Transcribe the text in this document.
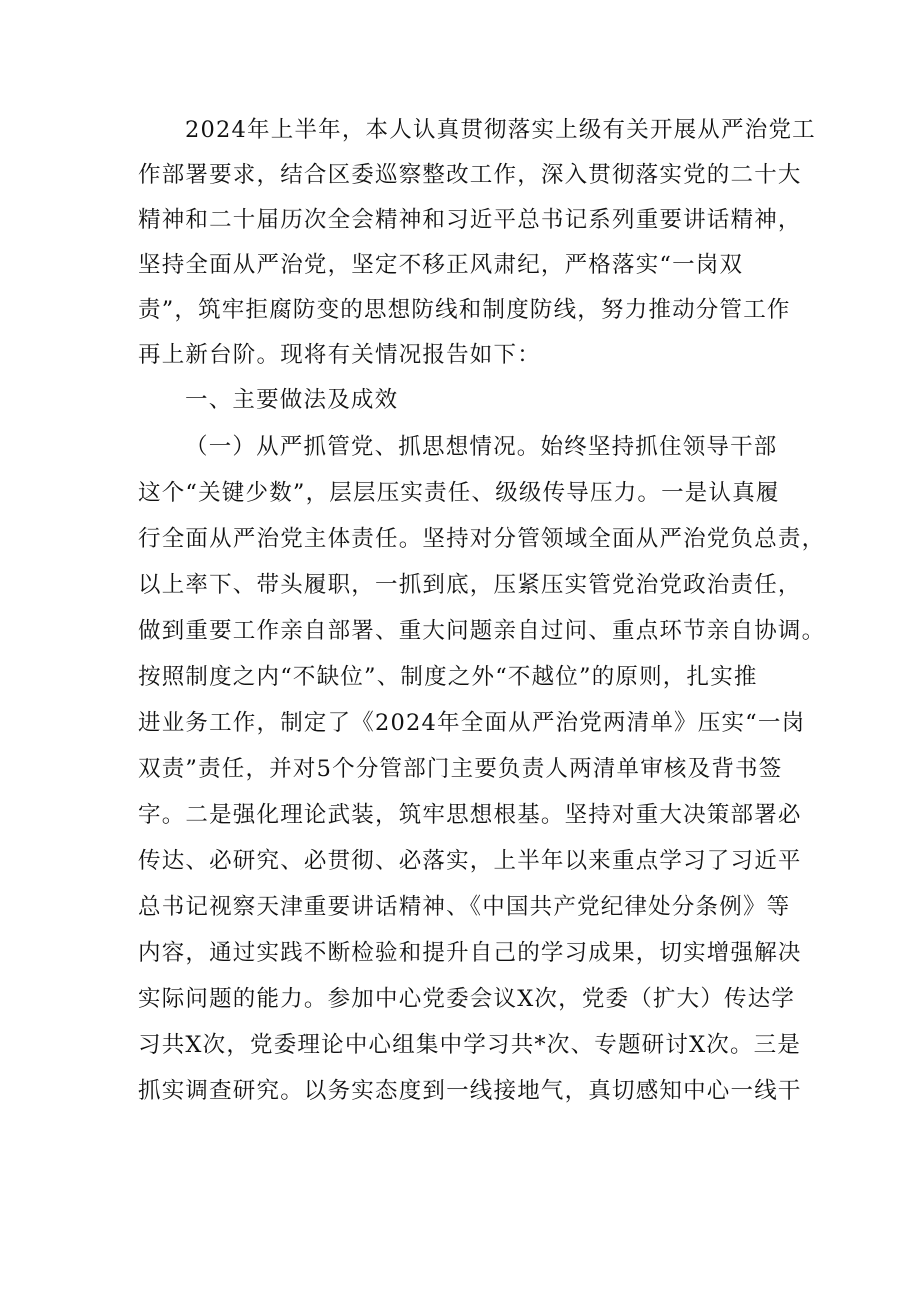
2024年上半年，本人认真贯彻落实上级有关开展从严治党工
作部署要求，结合区委巡察整改工作，深入贯彻落实党的二十大
精神和二十届历次全会精神和习近平总书记系列重要讲话精神，
坚持全面从严治党，坚定不移正风肃纪，严格落实“一岗双
责”，筑牢拒腐防变的思想防线和制度防线，努力推动分管工作
再上新台阶。现将有关情况报告如下：
一、主要做法及成效
（一）从严抓管党、抓思想情况。始终坚持抓住领导干部
这个“关键少数”，层层压实责任、级级传导压力。一是认真履
行全面从严治党主体责任。坚持对分管领域全面从严治党负总责，
以上率下、带头履职，一抓到底，压紧压实管党治党政治责任，
做到重要工作亲自部署、重大问题亲自过问、重点环节亲自协调。
按照制度之内“不缺位”、制度之外“不越位”的原则，扎实推
进业务工作，制定了《2024年全面从严治党两清单》压实“一岗
双责”责任，并对5个分管部门主要负责人两清单审核及背书签
字。二是强化理论武装，筑牢思想根基。坚持对重大决策部署必
传达、必研究、必贯彻、必落实，上半年以来重点学习了习近平
总书记视察天津重要讲话精神、《中国共产党纪律处分条例》等
内容，通过实践不断检验和提升自己的学习成果，切实增强解决
实际问题的能力。参加中心党委会议X次，党委（扩大）传达学
习共X次，党委理论中心组集中学习共*次、专题研讨X次。三是
抓实调查研究。以务实态度到一线接地气，真切感知中心一线干
